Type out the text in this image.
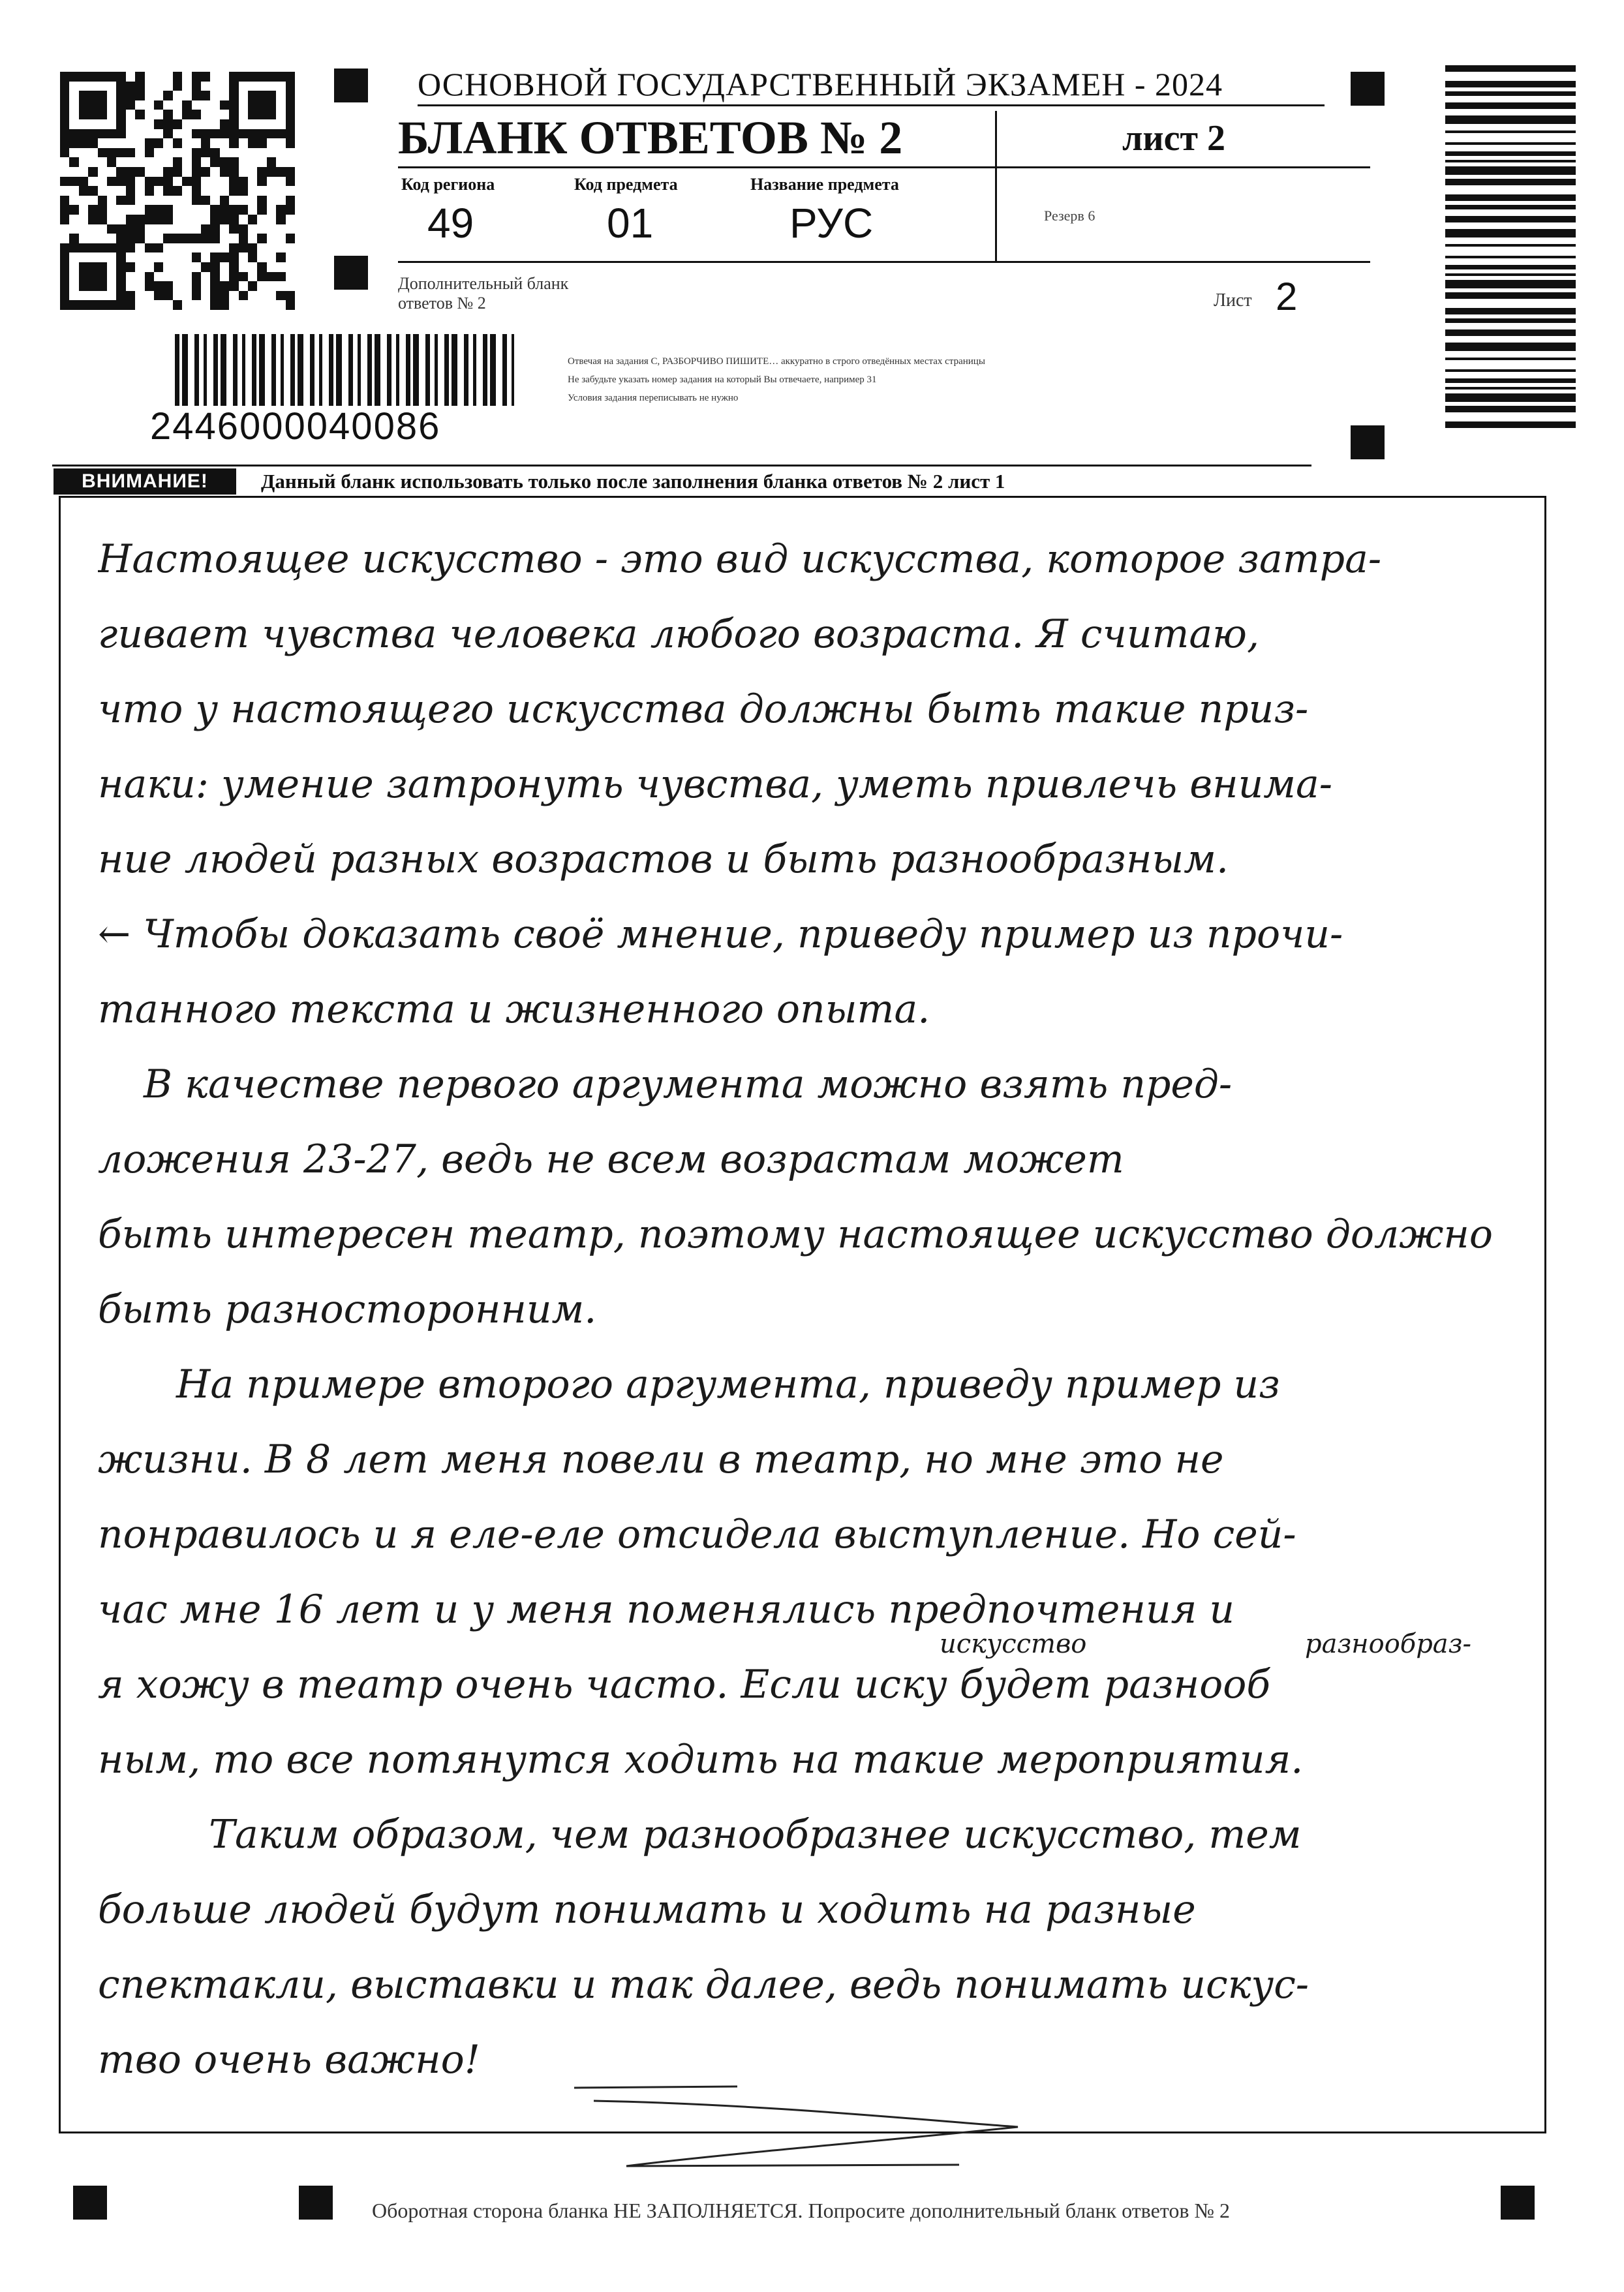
2446000040086
ОСНОВНОЙ ГОСУДАРСТВЕННЫЙ ЭКЗАМЕН - 2024
БЛАНК ОТВЕТОВ № 2	лист 2
Код региона
49
Код предмета
01
Название предмета
РУС	Резерв 6
Дополнительный бланк ответов № 2	Лист 2
Отвечая на задания С, РАЗБОРЧИВО ПИШИТЕ… аккуратно в строго отведённых местах страницы
Не забудьте указать номер задания на который Вы отвечаете, например 31
Условия задания переписывать не нужно
ВНИМАНИЕ!	Данный бланк использовать только после заполнения бланка ответов № 2 лист 1
Настоящее искусство - это вид искусства, которое затра-
гивает чувства человека любого возраста. Я считаю,
что у настоящего искусства должны быть такие приз-
наки: умение затронуть чувства, уметь привлечь внима-
ние людей разных возрастов и быть разнообразным.
← Чтобы доказать своё мнение, приведу пример из прочи-
танного текста и жизненного опыта.
В качестве первого аргумента можно взять пред-
ложения 23-27, ведь не всем возрастам может
быть интересен театр, поэтому настоящее искусство должно
быть разносторонним.
На примере второго аргумента, приведу пример из
жизни. В 8 лет меня повели в театр, но мне это не
понравилось и я еле-еле отсидела выступление. Но сей-
час мне 16 лет и у меня поменялись предпочтения и
я хожу в театр очень часто. Если иску будет разнооб
ным, то все потянутся ходить на такие мероприятия.
Таким образом, чем разнообразнее искусство, тем
больше людей будут понимать и ходить на разные
спектакли, выставки и так далее, ведь понимать искус-
тво очень важно!
искусство	разнообраз-
Оборотная сторона бланка НЕ ЗАПОЛНЯЕТСЯ. Попросите дополнительный бланк ответов № 2
